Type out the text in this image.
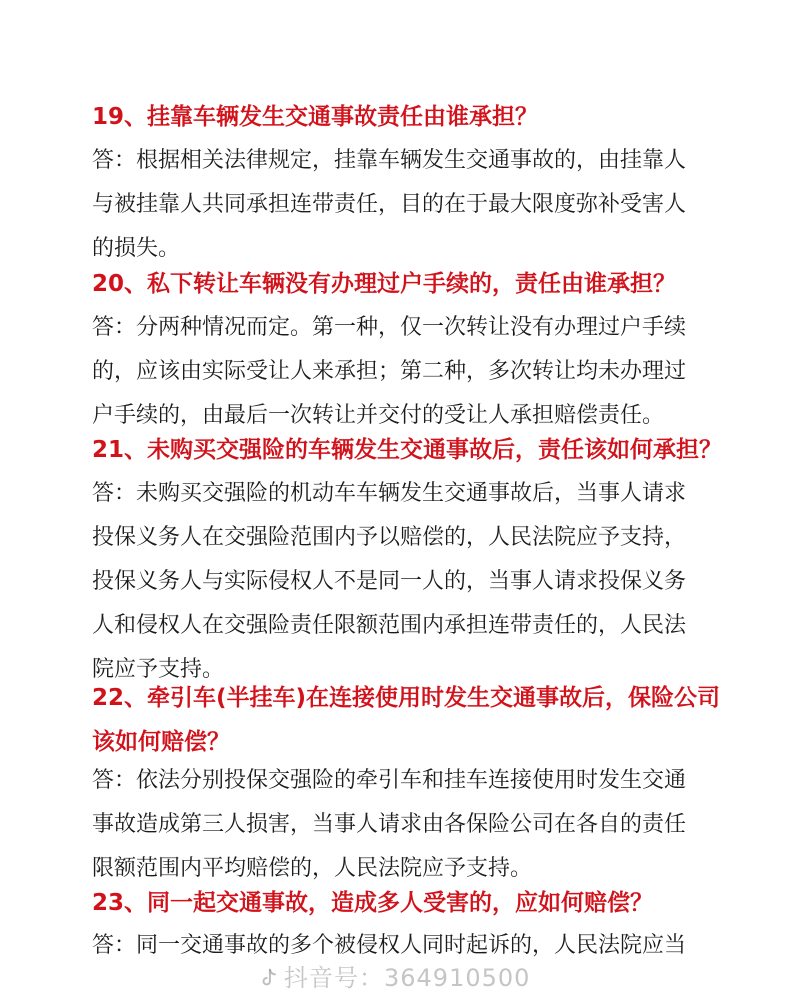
19、挂靠车辆发生交通事故责任由谁承担？

答：根据相关法律规定，挂靠车辆发生交通事故的，由挂靠人
与被挂靠人共同承担连带责任，目的在于最大限度弥补受害人
的损失。

20、私下转让车辆没有办理过户手续的，责任由谁承担？

答：分两种情况而定。第一种，仅一次转让没有办理过户手续
的，应该由实际受让人来承担；第二种，多次转让均未办理过
户手续的，由最后一次转让并交付的受让人承担赔偿责任。

21、未购买交强险的车辆发生交通事故后，责任该如何承担？

答：未购买交强险的机动车车辆发生交通事故后，当事人请求
投保义务人在交强险范围内予以赔偿的，人民法院应予支持，
投保义务人与实际侵权人不是同一人的，当事人请求投保义务
人和侵权人在交强险责任限额范围内承担连带责任的，人民法
院应予支持。
22、牵引车(半挂车)在连接使用时发生交通事故后，保险公司
该如何赔偿？
答：依法分别投保交强险的牵引车和挂车连接使用时发生交通
事故造成第三人损害，当事人请求由各保险公司在各自的责任
限额范围内平均赔偿的，人民法院应予支持。

23、同一起交通事故，造成多人受害的，应如何赔偿？

答：同一交通事故的多个被侵权人同时起诉的，人民法院应当
抖音号：364910500
